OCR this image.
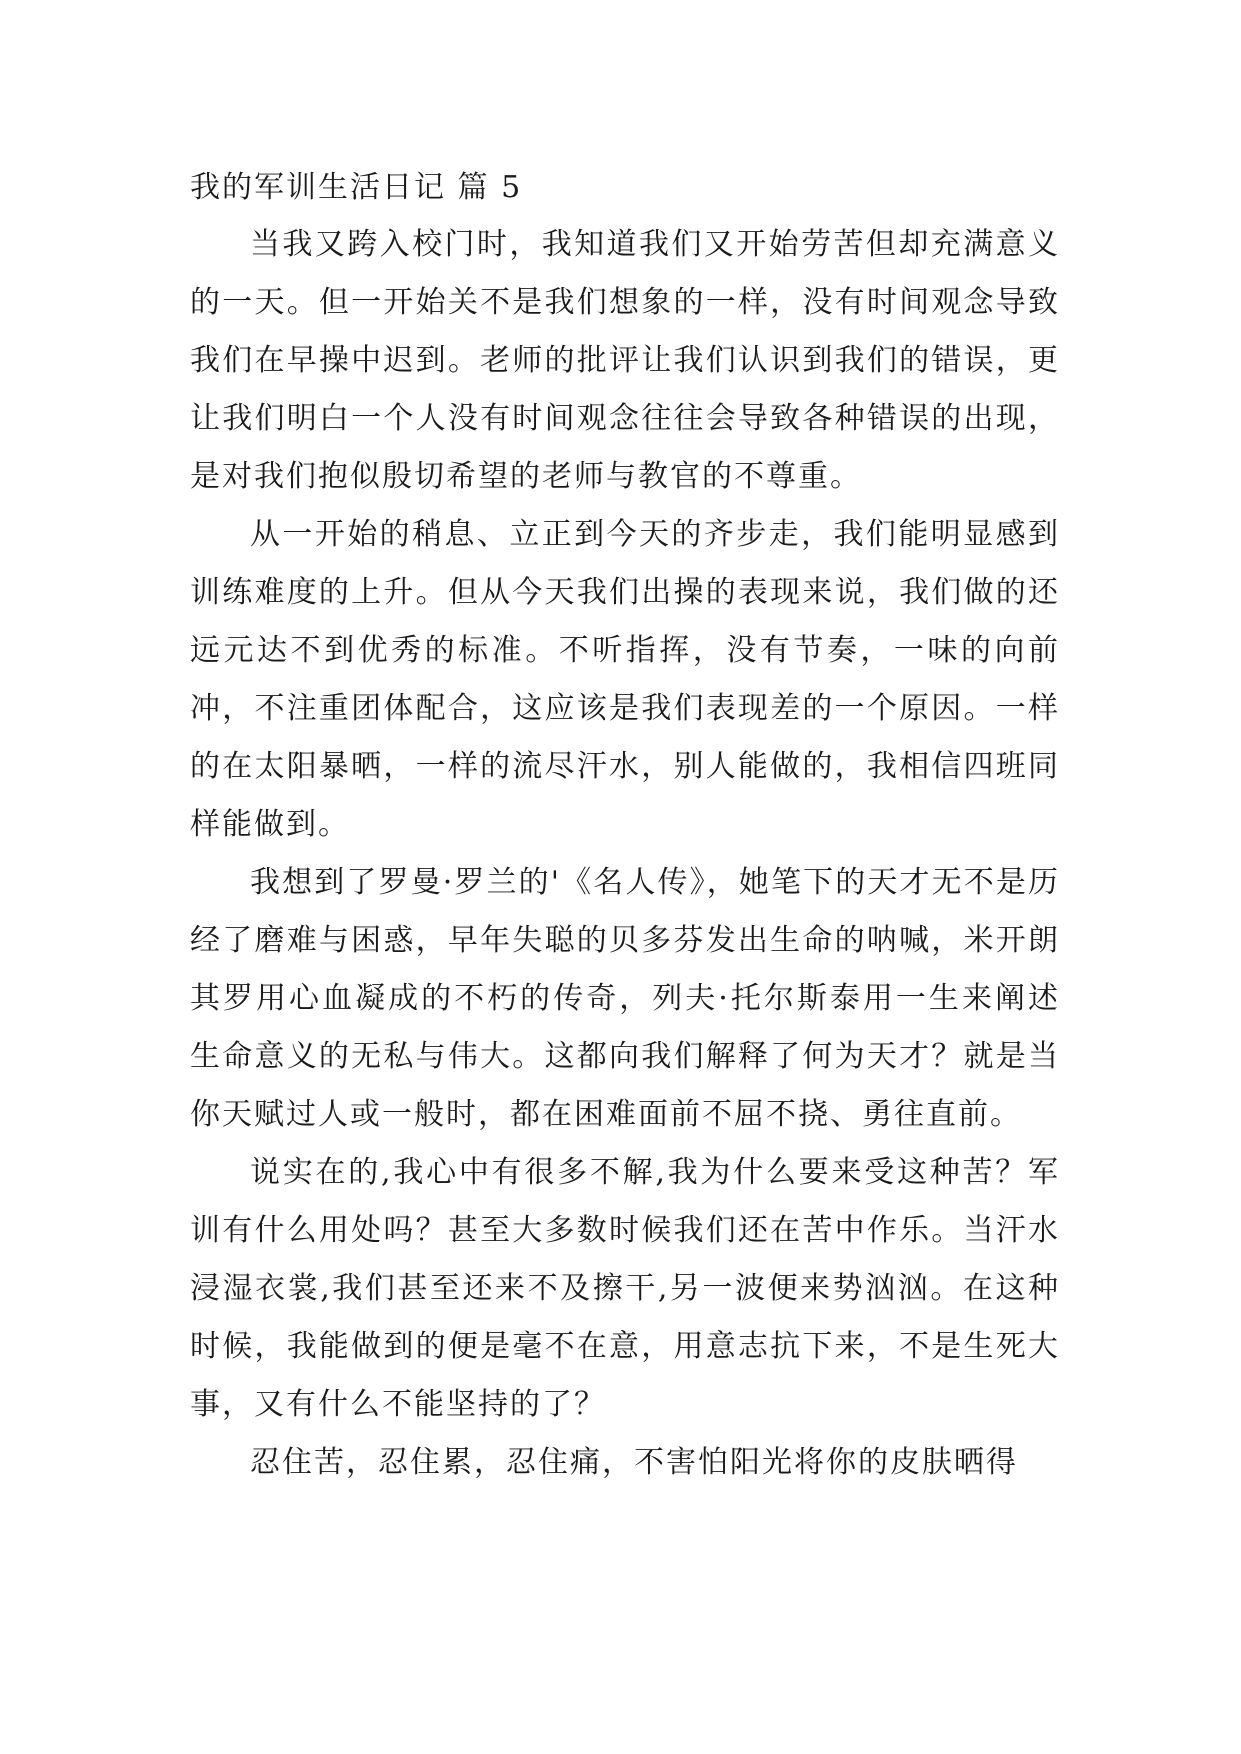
我的军训生活日记 篇 5

当我又跨入校门时，我知道我们又开始劳苦但却充满意义的一天。但一开始关不是我们想象的一样，没有时间观念导致我们在早操中迟到。老师的批评让我们认识到我们的错误，更让我们明白一个人没有时间观念往往会导致各种错误的出现，是对我们抱似殷切希望的老师与教官的不尊重。

从一开始的稍息、立正到今天的齐步走，我们能明显感到训练难度的上升。但从今天我们出操的表现来说，我们做的还远元达不到优秀的标准。不听指挥，没有节奏，一味的向前冲，不注重团体配合，这应该是我们表现差的一个原因。一样的在太阳暴晒，一样的流尽汗水，别人能做的，我相信四班同样能做到。

我想到了罗曼·罗兰的'《名人传》，她笔下的天才无不是历经了磨难与困惑，早年失聪的贝多芬发出生命的呐喊，米开朗其罗用心血凝成的不朽的传奇，列夫·托尔斯泰用一生来阐述生命意义的无私与伟大。这都向我们解释了何为天才？就是当你天赋过人或一般时，都在困难面前不屈不挠、勇往直前。

说实在的,我心中有很多不解,我为什么要来受这种苦？军训有什么用处吗？甚至大多数时候我们还在苦中作乐。当汗水浸湿衣裳,我们甚至还来不及擦干,另一波便来势汹汹。在这种时候，我能做到的便是毫不在意，用意志抗下来，不是生死大事，又有什么不能坚持的了？

忍住苦，忍住累，忍住痛，不害怕阳光将你的皮肤晒得
